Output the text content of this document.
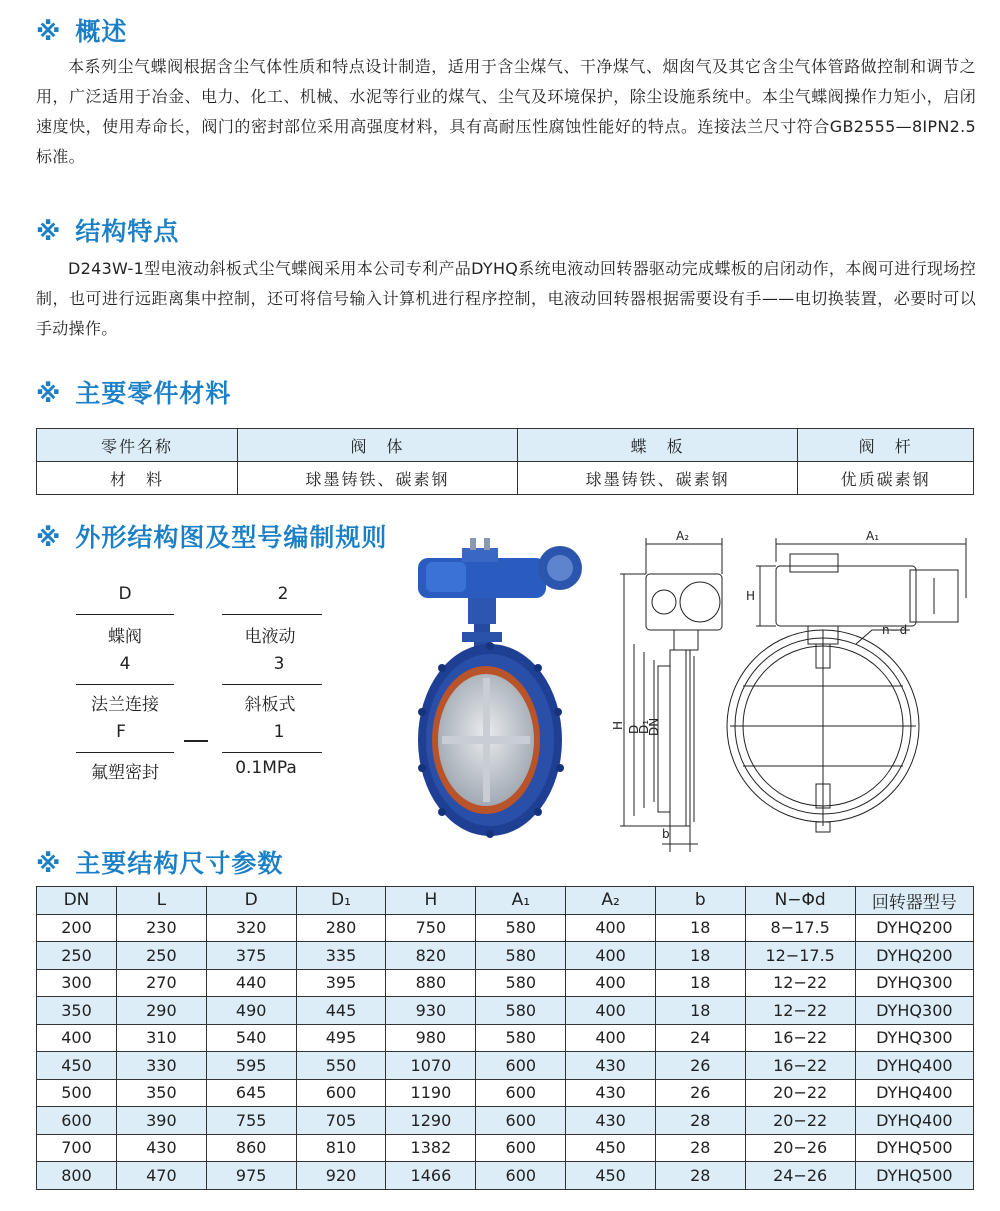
※ 概述
本系列尘气蝶阀根据含尘气体性质和特点设计制造，适用于含尘煤气、干净煤气、烟囱气及其它含尘气体管路做控制和调节之用，广泛适用于冶金、电力、化工、机械、水泥等行业的煤气、尘气及环境保护，除尘设施系统中。本尘气蝶阀操作力矩小，启闭速度快，使用寿命长，阀门的密封部位采用高强度材料，具有高耐压性腐蚀性能好的特点。连接法兰尺寸符合GB2555—8IPN2.5标准。
※ 结构特点
D243W-1型电液动斜板式尘气蝶阀采用本公司专利产品DYHQ系统电液动回转器驱动完成蝶板的启闭动作，本阀可进行现场控制，也可进行远距离集中控制，还可将信号输入计算机进行程序控制，电液动回转器根据需要设有手——电切换装置，必要时可以手动操作。
※ 主要零件材料
零件名称	阀　体	蝶　板	阀　杆
材　料	球墨铸铁、碳素钢	球墨铸铁、碳素钢	优质碳素钢
※ 外形结构图及型号编制规则
D	2
蝶阀	电液动
4	3
法兰连接	斜板式
F	1
氟塑密封	0.1MPa
A₂	A₁
H
H D
D₁
DN
b
n−d
※ 主要结构尺寸参数
DN	L	D	D₁	H	A₁	A₂	b	N−Φd	回转器型号
200	230	320	280	750	580	400	18	8−17.5	DYHQ200
250	250	375	335	820	580	400	18	12−17.5	DYHQ200
300	270	440	395	880	580	400	18	12−22	DYHQ300
350	290	490	445	930	580	400	18	12−22	DYHQ300
400	310	540	495	980	580	400	24	16−22	DYHQ300
450	330	595	550	1070	600	430	26	16−22	DYHQ400
500	350	645	600	1190	600	430	26	20−22	DYHQ400
600	390	755	705	1290	600	430	28	20−22	DYHQ400
700	430	860	810	1382	600	450	28	20−26	DYHQ500
800	470	975	920	1466	600	450	28	24−26	DYHQ500
